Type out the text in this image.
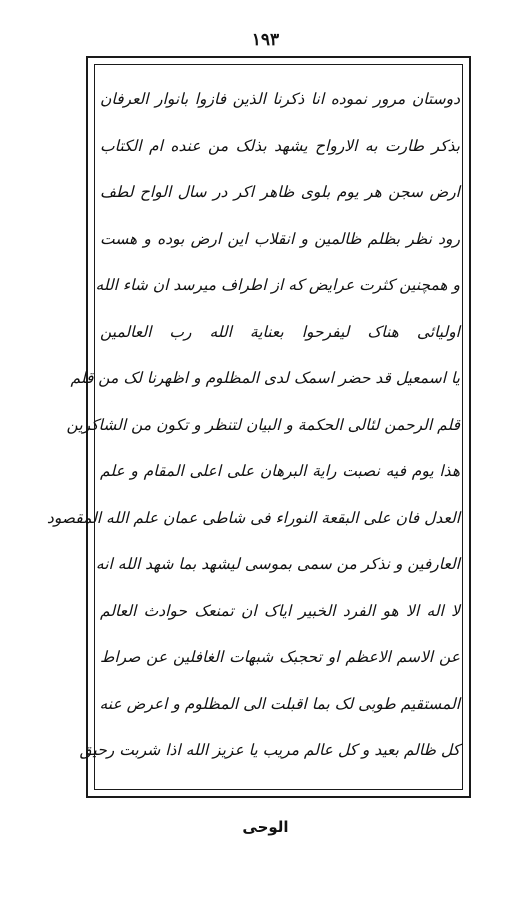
١٩٣
دوستان مرور نموده انا ذکرنا الذین فازوا بانوار العرفان
بذکر طارت به الارواح یشهد بذلک من عنده ام الکتاب
ارض سجن هر یوم بلوی ظاهر اکر در سال الواح لطف
رود نظر بظلم ظالمین و انقلاب این ارض بوده و هست
و همچنین کثرت عرایض که از اطراف میرسد ان شاء الله
اولیائی هناک لیفرحوا بعنایة الله رب العالمین
یا اسمعیل قد حضر اسمک لدی المظلوم و اظهرنا لک من قلم
قلم الرحمن لئالی الحکمة و البیان لتنظر و تکون من الشاکرین
هذا یوم فیه نصبت رایة البرهان علی اعلی المقام و علم
العدل فان علی البقعة النوراء فی شاطی عمان علم الله المقصود
العارفین و نذکر من سمی بموسی لیشهد بما شهد الله انه
لا اله الا هو الفرد الخبیر ایاک ان تمنعک حوادث العالم
عن الاسم الاعظم او تحجبک شبهات الغافلین عن صراط
المستقیم طوبی لک بما اقبلت الی المظلوم و اعرض عنه
کل ظالم بعید و کل عالم مریب یا عزیز الله اذا شربت رحیق
الوحی
